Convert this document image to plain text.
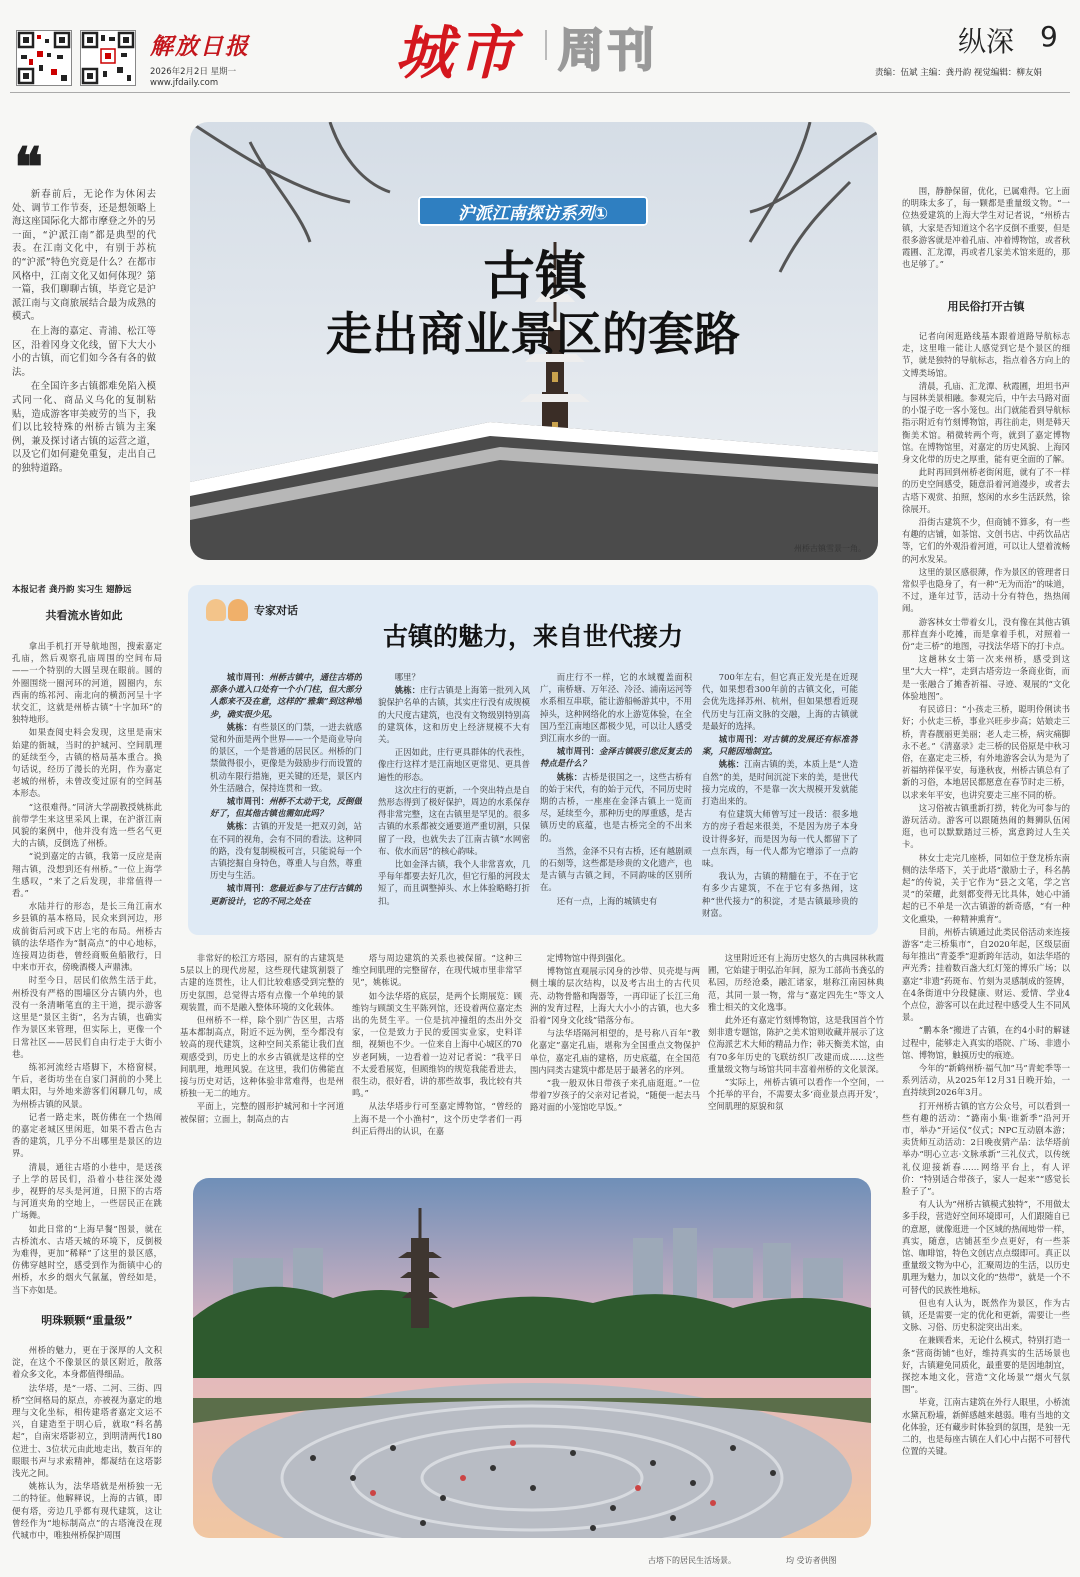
解放日报
2026年2月2日 星期一
www.jfdaily.com	城市 周刊	纵深 9
责编：伍斌 主编：龚丹韵 视觉编辑：柳友娟
州桥古镇雪景一角。
沪派江南探访系列①
古镇
走出商业景区的套路
❝

新春前后，无论作为休闲去处、调节工作节奏，还是想领略上海这座国际化大都市摩登之外的另一面，“沪派江南”都是典型的代表。在江南文化中，有别于苏杭的“沪派”特色究竟是什么？在都市风格中，江南文化又如何体现？第一篇，我们聊聊古镇，毕竟它是沪派江南与文商旅展结合最为成熟的模式。

在上海的嘉定、青浦、松江等区，沿着冈身文化线，留下大大小小的古镇，而它们如今各有各的做法。

在全国许多古镇都难免陷入模式同一化、商品义乌化的复制粘贴，造成游客审美疲劳的当下，我们以比较特殊的州桥古镇为主案例，兼及探讨诸古镇的运营之道，以及它们如何避免重复，走出自己的独特道路。

本报记者 龚丹韵 实习生 翅静远
共看流水皆如此

拿出手机打开导航地图，搜索嘉定孔庙，然后观察孔庙周围的空间布局——一个特别的大圆呈现在眼前。圆的外圈围绕一圈河环的河道，圆圈内，东西南的练祁河、南北向的横沥河呈十字状交汇，这就是州桥古镇“十字加环”的独特地形。

如果查阅史料会发现，这里是南宋始建的衙城，当时的护城河、空间肌理的延续至今，古镇的格局基本重合。换句话说，经历了漫长的光阴，作为嘉定老城的州桥，未曾改变过原有的空间基本形态。

“这很难得。”同济大学副教授姚栋此前带学生来这里采风上课，在沪浙江南风貌的案例中，他并没有选一些名气更大的古镇，反倒选了州桥。

“说到嘉定的古镇，我第一反应是南翔古镇，没想到还有州桥。”一位上海学生感叹，“来了之后发现，非常值得一看。”

水陆并行的形态，是长三角江南水乡县镇的基本格局，民众来到河边，形成前街后河或下店上宅的布局。州桥古镇的法华塔作为“制高点”的中心地标，连接周边街巷，曾经商贩鱼船散行，日中来市开衣，傍晚酒楼人声鼎沸。

时至今日，居民们依然生活于此，州桥没有严格的围墙区分古镇内外，也没有一条清晰笔直的主干道，提示游客这里是“景区主街”，名为古镇，也确实作为景区来管理，但实际上，更像一个日常社区——居民们自由行走于大街小巷。

练祁河流经古塔脚下，木格窗棂，午后，老街坊坐在自家门洞前的小凳上晒太阳，与外地来游客们闲聊几句，成为州桥古镇的风景。

记者一路走来，既仿佛在一个热闹的嘉定老城区里闲逛，如果不看古色古香的建筑，几乎分不出哪里是景区的边界。

清晨，通往古塔的小巷中，是送孩子上学的居民们，沿着小巷往深处漫步，视野的尽头是河道，日照下的古塔与河道夹角的空地上，一些居民正在跳广场舞。

如此日常的“上海早餐”图景，就在古桥流水、古塔天城的环境下，反倒极为难得，更加“稀释”了这里的景区感，仿佛穿越时空，感受到作为衙镇中心的州桥，水乡的烟火气氤氲，曾经如是，当下亦如是。

明珠颗颗“重量级”

州桥的魅力，更在于深厚的人文积淀，在这个不像景区的景区附近，散落着众多文化，本身都值得细品。

法华塔，是“一塔、二河、三街、四桥”空间格局的原点，亦被视为嘉定的地理与文化坐标，相传建塔者嘉定文运不兴，自建造至于明心后，就取“科名鹊起”，自南宋塔影初立，到明清两代180位进士、3位状元由此地走出，数百年的眼眼书声与求索精神，都凝结在这塔影浅光之间。

姚栋认为，法华塔就是州桥独一无二的特征。他解释说，上海的古镇，即便有塔，旁边几乎都有现代建筑，这让曾经作为“地标制高点”的古塔淹没在现代城市中，唯独州桥保护周围

专家对话
古镇的魅力，来自世代接力

城市周刊：州桥古镇中，通往古塔的那条小道入口处有一个小门柱，但大部分人都来不及在意，这样的“雅集”到这种地步，确实很少见。

姚栋：有些景区的门禁，一进去就感觉和外面是两个世界——一个是商业导向的景区，一个是普通的居民区。州桥的门禁做得很小，更像是为鼓励步行而设置的机动车限行措施，更关键的还是，景区内外生活融合，保持连贯和一致。

城市周刊：州桥不太动干戈，反倒做好了，但其他古镇也需如此吗？

姚栋：古镇的开发是一把双刃剑，站在不同的视角，会有不同的看法。这种同的路，没有复制模板可言，只能说每一个古镇挖掘自身特色，尊重人与自然，尊重历史与生活。

城市周刊：您最近参与了庄行古镇的更新设计，它的不同之处在

哪里？

姚栋：庄行古镇是上海第一批列入风貌保护名单的古镇，其实庄行没有成规模的大尺度古建筑，也没有文物级别特别高的建筑体，这和历史上经济规模不大有关。

正因如此，庄行更具群体的代表性，像庄行这样才是江南地区更常见、更具普遍性的形态。

这次庄行的更新，一个突出特点是自然形态得到了极好保护，周边的水系保存得非常完整，这在古镇里是罕见的。很多古镇的水系都被交通要道严重切割，只保留了一段，也就失去了江南古镇“水网密布、依水而居”的核心韵味。

比如金泽古镇，我个人非常喜欢，几乎每年都要去好几次，但它行船的河段太短了，而且调整掉头、水上体验略略打折扣。

而庄行不一样，它的水域覆盖面积广，南桥塘、万年泾、冷泾、浦南运河等水系相互串联，能让游船畅游其中，不用掉头，这种网络化的水上游览体验，在全国乃至江南地区都极少见，可以让人感受到江南水乡的一面。

城市周刊：金泽古镇吸引您反复去的特点是什么？

姚栋：古桥是很国之一，这些古桥有的始于宋代，有的始于元代，不同历史时期的古桥，一座座在金泽古镇上一览而尽，延续至今，那种历史的厚重感，是古镇历史的底蕴，也是古桥完全的不出来的。

当然，金泽不只有古桥，还有越剧顽的石刻等，这些都是珍贵的文化遗产，也是古镇与古镇之间，不同韵味的区别所在。

还有一点，上海的城镇史有

700年左右，但它真正发光是在近现代，如果想看300年前的古镇文化，可能会优先选择苏州、杭州，但如果想看近现代历史与江南文脉的交融，上海的古镇就是最好的选择。

城市周刊：对古镇的发展还有标准答案，只能因地制宜。

姚栋：江南古镇的美，本质上是“人造自然”的美，是时间沉淀下来的美，是世代接力完成的，不是靠一次大规模开发就能打造出来的。

有位建筑大师曾写过一段话：很多地方的房子看起来很美，不是因为房子本身设计得多好，而是因为每一代人都留下了一点东西，每一代人都为它增添了一点韵味。

我认为，古镇的精髓在于，不在于它有多少古建筑，不在于它有多热闹，这种“世代接力”的积淀，才是古镇最珍贵的财富。

非常好的松江方塔园，原有的古建筑是5层以上的现代房屋，这些现代建筑割裂了古建的连贯性，让人们比较难感受到完整的历史氛围，总觉得古塔有点像一个单纯的景观装置，而不是融入整体环境的文化载体。

但州桥不一样，除个别广告区里，古塔基本都制高点，附近不远为例，至今都没有较高的现代建筑，这种空间关系能让我们直观感受到，历史上的水乡古镇就是这样的空间肌理，地理风貌。在这里，我们仿佛能直接与历史对话，这种体验非常难得，也是州桥独一无二的地方。

平面上，完整的圆形护城河和十字河道被保留；立面上，制高点的古

塔与周边建筑的关系也被保留。“这种三维空间肌理的完整留存，在现代城市里非常罕见”，姚栋说。

如今法华塔的底层，是两个长期展览：顾维钧与顾颉文生平陈列馆，还设着两位嘉定杰出的先贤生平。一位是抗冲撞组的杰出外交家，一位是致力于民的爱国实业家，史料详细，视频也不少。一位来自上海中心城区的70岁老阿姨，一边看着一边对记者说：“我平日不太爱看展览，但顾维钧的规览我能看进去，很生动，很好看，讲的那些故事，我比较有共鸣。”

从法华塔步行可至嘉定博物馆，“曾经的上海不是一个小渔村”，这个历史学者们一再纠正后得出的认识，在嘉

定博物馆中得到强化。

博物馆直观展示冈身的沙带、贝壳堤与两侧土壤的层次结构，以及考古出土的古代贝壳、动物骨骼和陶器等，一再印证了长江三角洲的发育过程，上海大大小小的古镇，也大多沿着“冈身文化线”错落分布。

与法华塔隔河相望的，是号称八百年“教化嘉定”嘉定孔庙，堪称为全国重点文物保护单位，嘉定孔庙的建格，历史底蕴，在全国范围内同类古建筑中都是居于最著名的序列。

“我一般双休日带孩子来孔庙逛逛。”一位带着7岁孩子的父亲对记者说，“随便一起去马路对面的小笼馆吃早饭。”

这里附近还有上海历史悠久的古典园林秋霞圃，它始建于明弘治年间，原为工部尚书龚弘的私园，历经沧桑，融汇诸家，堪称江南园林典范，其同一景一物，常与“嘉定四先生”等文人雅士相关的文化逸事。

此外还有嘉定竹刻博物馆，这是我国首个竹刻非遗专题馆，陈护之美术馆则收藏并展示了这位海派艺术大师的精品力作；韩天衡美术馆，由有70多年历史的飞联纺织厂改建而成……这些重量级文物与场馆共同丰富着州桥的文化景深。

“实际上，州桥古镇可以看作一个空间，一个托举的平台，不需要太多‘商业景点再开发’，空间肌理的原貌和氛

古塔下的居民生活场景。	均 受访者供图

围，静静保留，优化，已属难得。它上面的明珠太多了，每一颗都是重量级文物。“一位热爱建筑的上海大学生对记者说，“州桥古镇，大家是否知道这个名字反倒不重要，但是很多游客就是冲着孔庙、冲着博物馆，或者秋霞圃、汇龙潭，再或者几家美术馆来逛的，那也足够了。”

用民俗打开古镇

记者向闲逛路线基本跟着道路导航标志走，这里唯一能让人感觉到它是个景区的细节，就是独特的导航标志，指点着各方向上的文博类场馆。

清晨，孔庙、汇龙潭、秋霞圃，坦坦书声与园林美景相融。参观完后，中午去马路对面的小馄子吃一客小笼包。出门就能看到导航标指示附近有竹刻博物馆，再往前走，则是韩天衡美术馆。稍微转两个弯，就到了嘉定博物馆。在博物馆里，对嘉定的历史风貌、上海冈身文化带的历史之厚重，能有更全面的了解。

此时再回到州桥老街闲逛，就有了不一样的历史空间感受，随意沿着河道漫步，或者去古塔下观赏、拍照，悠闲的水乡生活跃然，徐徐展开。

沿街古建筑不少，但商铺不算多，有一些有趣的店铺，如茶馆、文创书店、中药饮品店等，它们的外观沿着河道，可以让人望着流畅的河水发呆。

这里的景区感很薄，作为景区的管理者日常似乎也隐身了，有一种“无为而治”的味道，不过，逢年过节，活动十分有特色，热热闹闹。

游客林女士带着女儿，没有像在其他古镇那样直奔小吃摊，而是拿着手机，对照着一份“走三桥”的地图，寻找法华塔下的打卡点。

这趟林女士第一次来州桥，感受到这里“大大一样”，走到古塔旁边一条商业街，而是一张融合了摊香祈福、寻迹、观展的“文化体验地图”。

有民谚日：“小孩走三桥，聪明伶俐读书好；小伙走三桥，事业兴旺步步高；姑娘走三桥，青春靓丽更美丽；老人走三桥，病灾痛脚永不老。”《清嘉录》走三桥的民俗原是中秋习俗，在嘉定走三桥，有外地游客会认为是为了祈福纳祥保平安，每逢秋夜，州桥古镇总有了新的习俗，本地居民都愿意在春节时走三桥，以求来年平安，也讲究要走三座不同的桥。

这习俗被古镇重新打捞，转化为可参与的游玩活动。游客可以跟随热闹的舞狮队伍闲逛，也可以默默踏过三桥，寓意跨过人生关卡。

林女士走完几座桥，同如位于登龙桥东南侧的法华塔下，关于此塔“激励士子，科名鹊起”的传说，关于它作为“县之文笔，学之宫灵”的荣耀，此刻都变得无比具体，她心中涌起的已不单是一次古镇游的新奇感，“有一种文化熏染，一种精神熏育”。

目前，州桥古镇通过此类民俗活动来连接游客“走三桥集市”，自2020年起，区级层面每年推出“青菱季”迎新跨年活动，如法华塔的声光秀；挂着数百盏大红灯笼的博乐广场；以嘉定“非遗”药斑布、竹刻为灵感制成的签牌，在4条街道中分段健康、财运、爱情、学业4个点位，游客可以在此过程中感受人生不同风景。

“鹏本条”搬进了古镇，在约4小时的解谜过程中，能够走入真实的塔院、广场、非遗小馆、博物馆，触摸历史的痕迹。

今年的“新鹤州桥·福气加”马”青蛇季等一系列活动，从2025年12月31日晚开始，一直持续到2026年3月。

打开州桥古镇的官方公众号，可以看到一些有趣的活动：“潞南小集·谁新季”沿河开市，举办“开运仪”仪式；NPC互动剧本游；卖货师互动活动：2日晚夜猜产品：法华塔前举办“明心立志·文脉承新”三礼仪式，以传统礼仪迎接新春……网络平台上，有人评价：“特别适合带孩子，家人一起来”“感觉长脸子了”。

有人认为“州桥古镇模式独特”，不用做太多手段，营造好空间环境即可，人们跟随自已的意愿，就像逛进一个区域的热闹地带一样，真实，随意，店铺甚至少点更好，有一些茶馆、咖啡馆，特色文创店点点缀即可。真正以重量级文物为中心，汇聚周边的生活，以历史肌理为魅力，加以文化的“热带”，就是一个不可替代的民族性地标。

但也有人认为，既然作为景区，作为古镇，还是需要一定的优化和更新，需要让一些文脉、习俗、历史积淀突出出来。

在兼顾看来，无论什么模式，特别打造一条“营商街铺”也好，维持真实的生活场景也好，古镇避免同质化，最重要的是因地制宜，探挖本地文化，营造“文化场景”“烟火气氛围”。

毕竟，江南古建筑在外行人眼里，小桥流水黛瓦粉墙，新鲜感越来越弱。唯有当地的文化体验，还有藏步时体验到的氛围，是独一无二的，也是每座古镇在人们心中占据不可替代位置的关键。
